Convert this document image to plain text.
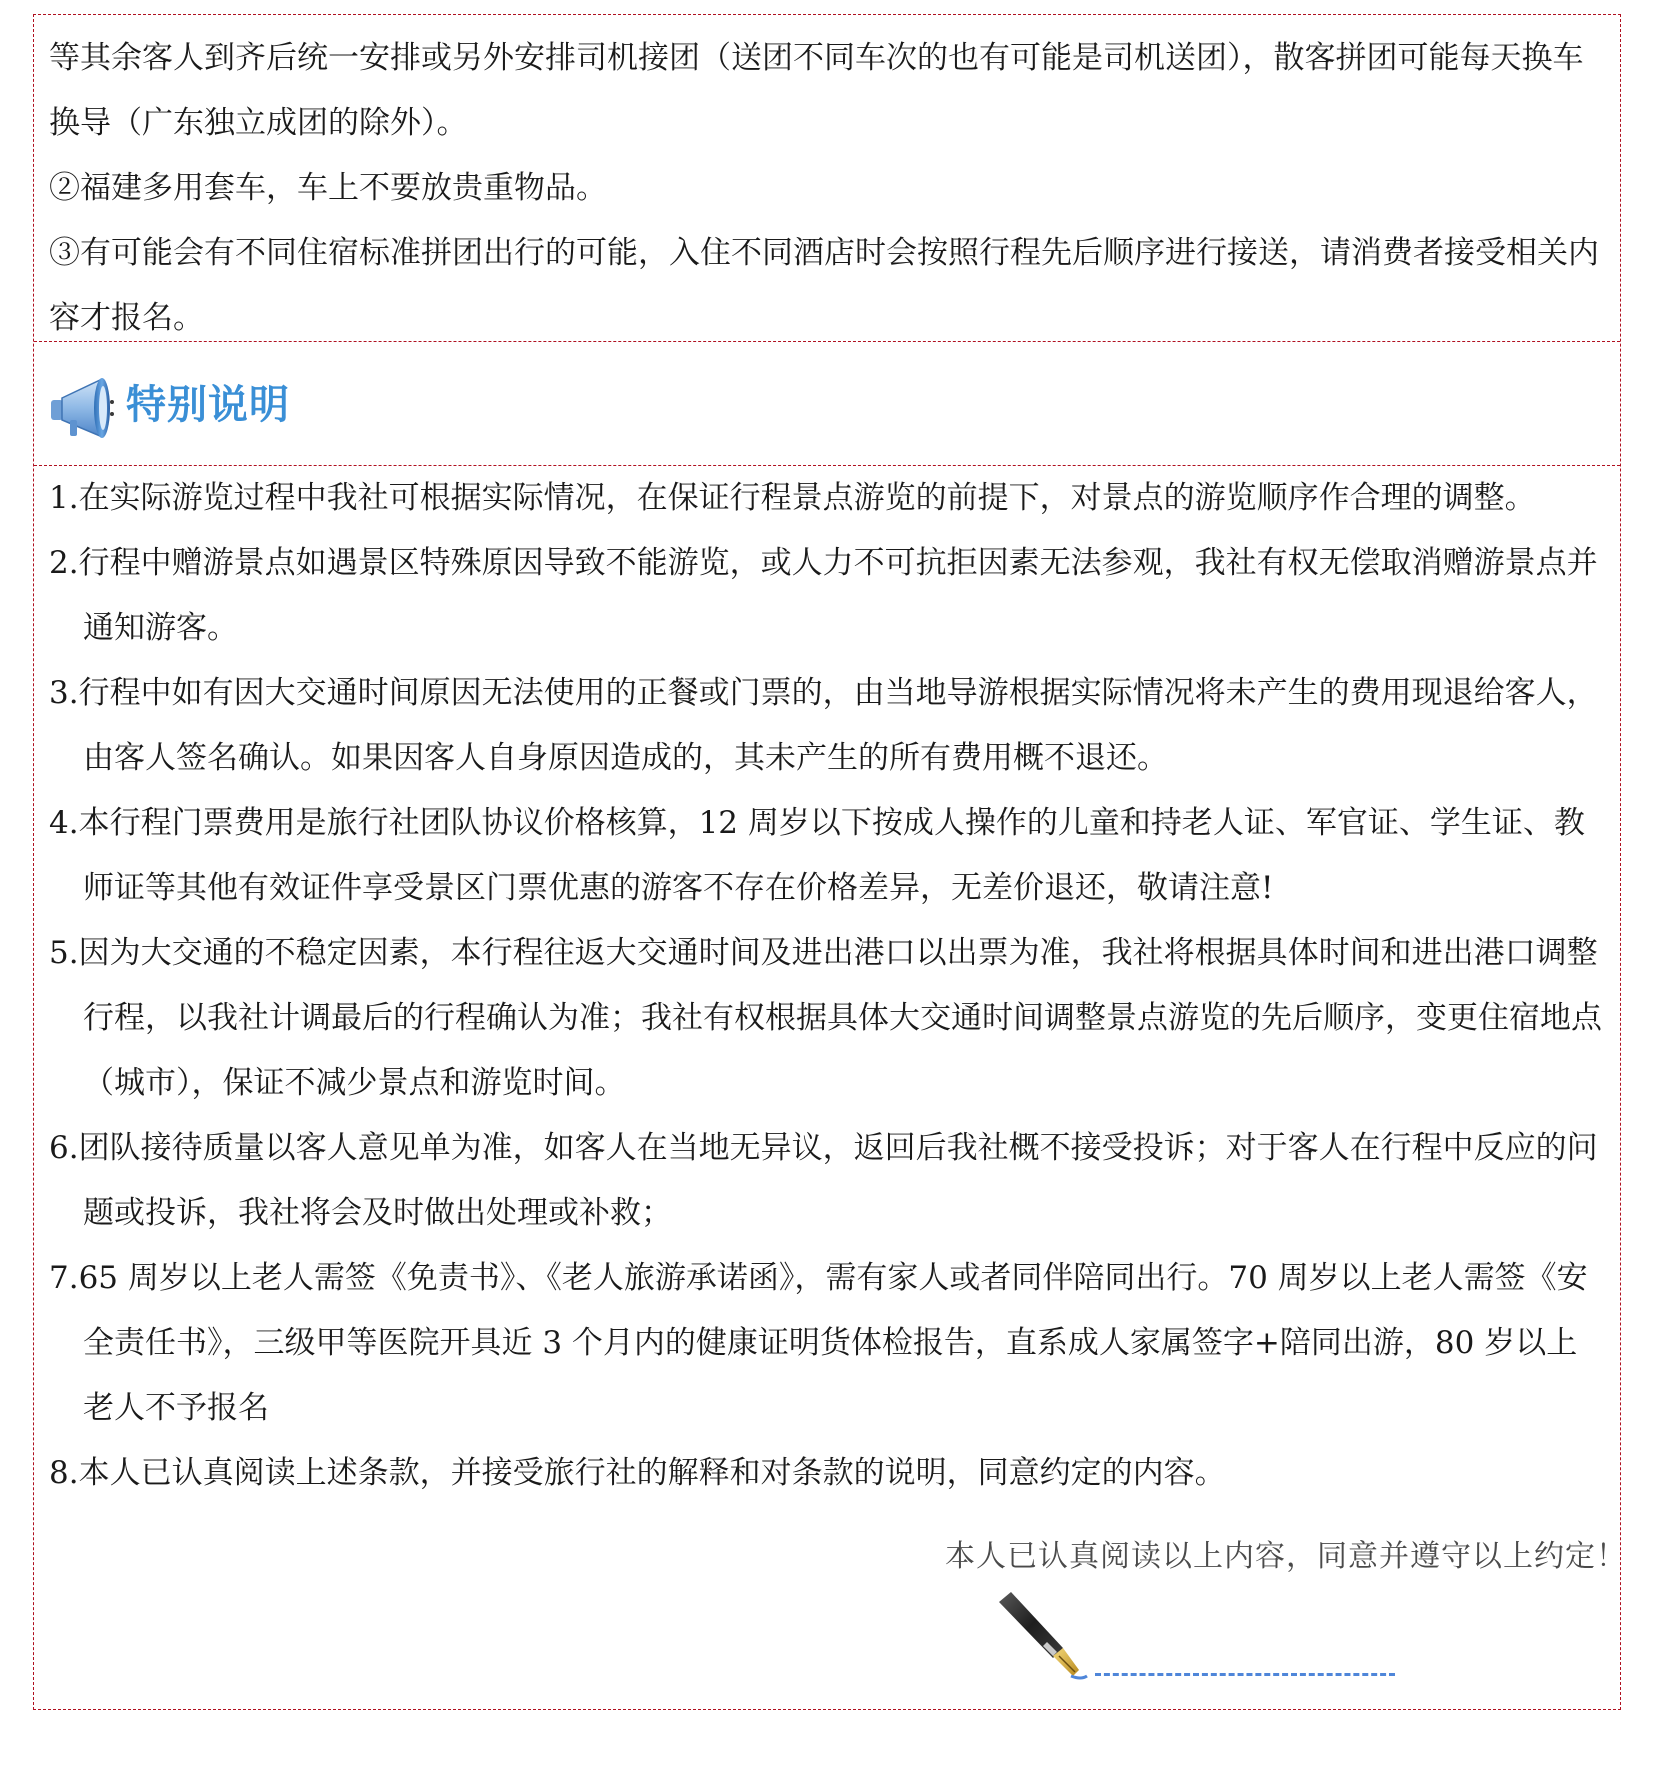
等其余客人到齐后统一安排或另外安排司机接团（送团不同车次的也有可能是司机送团），散客拼团可能每天换车换导（广东独立成团的除外）。

②福建多用套车，车上不要放贵重物品。

③有可能会有不同住宿标准拼团出行的可能，入住不同酒店时会按照行程先后顺序进行接送，请消费者接受相关内容才报名。

特别说明

1.在实际游览过程中我社可根据实际情况，在保证行程景点游览的前提下，对景点的游览顺序作合理的调整。

2.行程中赠游景点如遇景区特殊原因导致不能游览，或人力不可抗拒因素无法参观，我社有权无偿取消赠游景点并通知游客。

3.行程中如有因大交通时间原因无法使用的正餐或门票的，由当地导游根据实际情况将未产生的费用现退给客人，由客人签名确认。如果因客人自身原因造成的，其未产生的所有费用概不退还。

4.本行程门票费用是旅行社团队协议价格核算，12 周岁以下按成人操作的儿童和持老人证、军官证、学生证、教师证等其他有效证件享受景区门票优惠的游客不存在价格差异，无差价退还，敬请注意!

5.因为大交通的不稳定因素，本行程往返大交通时间及进出港口以出票为准，我社将根据具体时间和进出港口调整行程，以我社计调最后的行程确认为准；我社有权根据具体大交通时间调整景点游览的先后顺序，变更住宿地点（城市），保证不减少景点和游览时间。

6.团队接待质量以客人意见单为准，如客人在当地无异议，返回后我社概不接受投诉；对于客人在行程中反应的问题或投诉，我社将会及时做出处理或补救；

7.65 周岁以上老人需签《免责书》、《老人旅游承诺函》，需有家人或者同伴陪同出行。70 周岁以上老人需签《安全责任书》，三级甲等医院开具近 3 个月内的健康证明货体检报告，直系成人家属签字+陪同出游，80 岁以上老人不予报名

8.本人已认真阅读上述条款，并接受旅行社的解释和对条款的说明，同意约定的内容。

本人已认真阅读以上内容，同意并遵守以上约定！
